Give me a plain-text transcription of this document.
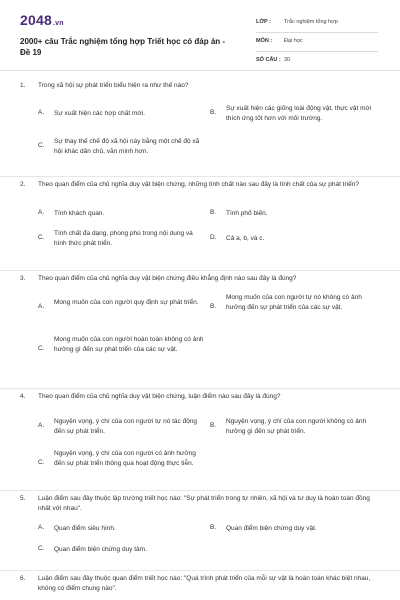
2048.vn
2000+ câu Trắc nghiệm tổng hợp Triết học có đáp án - Đề 19
LỚP : Trắc nghiệm tổng hợp
MÔN : Đại học
SỐ CÂU : 30
1. Trong xã hội sự phát triển biểu hiện ra như thế nào?
A. Sự xuất hiện các hợp chất mới.	B.
Sự xuất hiện các giống loài động vật, thực vật mới thích ứng tốt hơn với môi trường.
C.
Sự thay thế chế độ xã hội này bằng một chế độ xã hội khác dân chủ, văn minh hơn.
2. Theo quan điểm của chủ nghĩa duy vật biện chứng, những tính chất nào sau đây là tính chất của sự phát triển?
A. Tính khách quan.	B. Tính phổ biến.
C.
Tính chất đa dạng, phong phú trong nội dung và hình thức phát triển.
D. Cả a, b, và c.
3. Theo quan điểm của chủ nghĩa duy vật biện chứng điều khẳng định nào sau đây là đúng?
A.
Mong muốn của con người quy định sự phát triển.
B.
Mong muốn của con người tự nó không có ảnh hưởng đến sự phát triển của các sự vật.
C.
Mong muốn của con người hoàn toàn không có ảnh hưởng gì đến sự phát triển của các sự vật.
4. Theo quan điểm của chủ nghĩa duy vật biện chứng, luận điểm nào sau đây là đúng?
A.
Nguyện vọng, ý chí của con người tự nó tác động đến sự phát triển.
B.
Nguyện vọng, ý chí của con người không có ảnh hưởng gì đến sự phát triển.
C.
Nguyện vọng, ý chí của con người có ảnh hưởng đến sự phát triển thông qua hoạt động thực tiễn.
5. Luận điểm sau đây thuộc lập trường triết học nào: "Sự phát triển trong tự nhiên, xã hội và tư duy là hoàn toàn đồng nhất với nhau".
A. Quan điểm siêu hình.	B. Quan điểm biện chứng duy vật.
C. Quan điểm biện chứng duy tâm.
6. Luận điểm sau đây thuộc quan điểm triết học nào: "Quá trình phát triển của mỗi sự vật là hoàn toàn khác biệt nhau, không có điểm chung nào".
